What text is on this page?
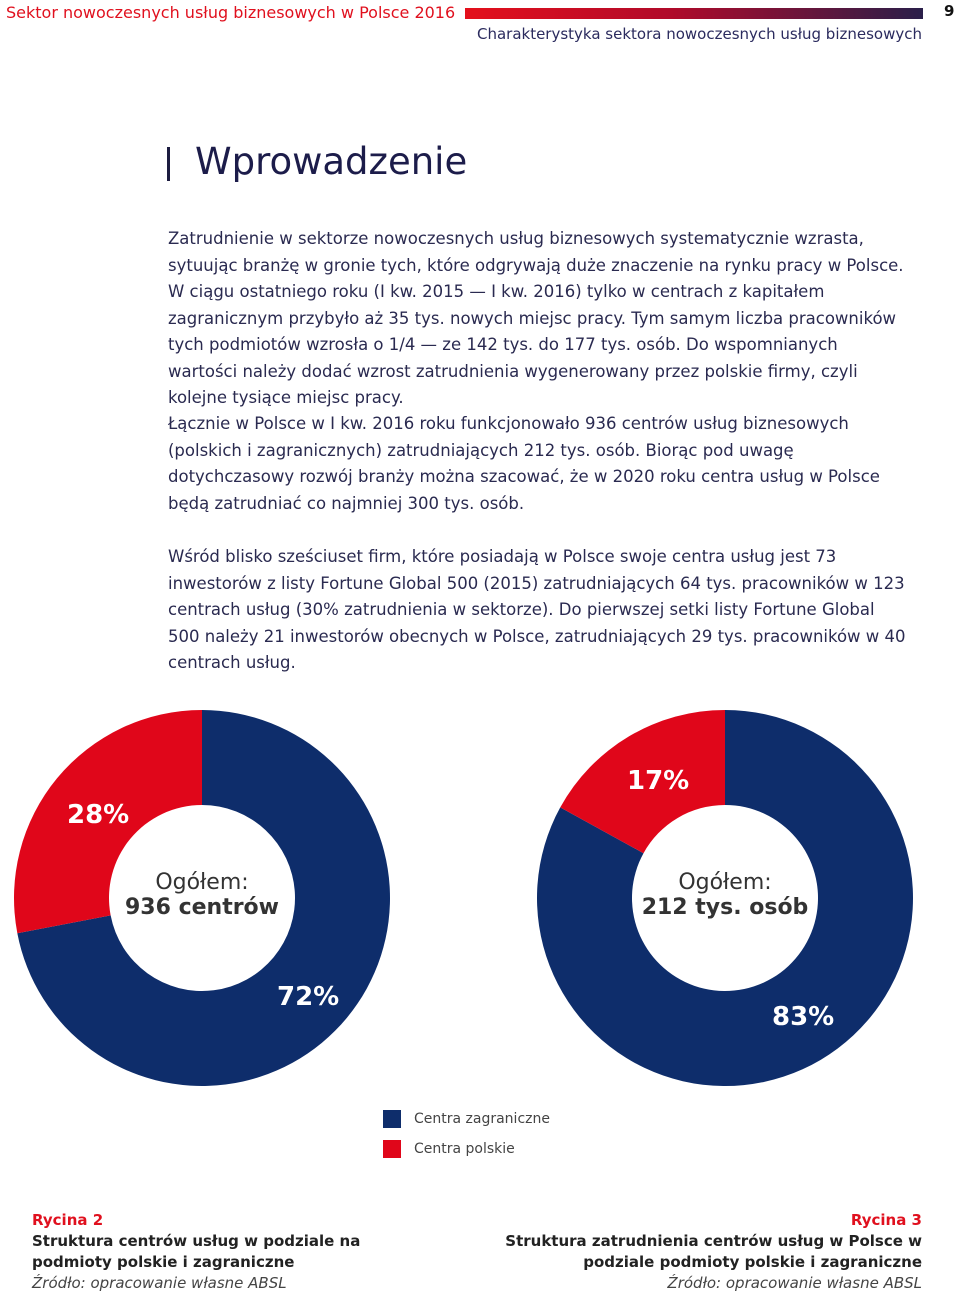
Sektor nowoczesnych usług biznesowych w Polsce 2016	9
Charakterystyka sektora nowoczesnych usług biznesowych
Wprowadzenie
Zatrudnienie w sektorze nowoczesnych usług biznesowych systematycznie wzrasta, sytuując branżę w gronie tych, które odgrywają duże znaczenie na rynku pracy w Polsce. W ciągu ostatniego roku (I kw. 2015 — I kw. 2016) tylko w centrach z kapitałem zagranicznym przybyło aż 35 tys. nowych miejsc pracy. Tym samym liczba pracowników tych podmiotów wzrosła o 1/4 — ze 142 tys. do 177 tys. osób. Do wspomnianych wartości należy dodać wzrost zatrudnienia wygenerowany przez polskie firmy, czyli kolejne tysiące miejsc pracy.
Łącznie w Polsce w I kw. 2016 roku funkcjonowało 936 centrów usług biznesowych (polskich i zagranicznych) zatrudniających 212 tys. osób. Biorąc pod uwagę dotychczasowy rozwój branży można szacować, że w 2020 roku centra usług w Polsce będą zatrudniać co najmniej 300 tys. osób.
Wśród blisko sześciuset firm, które posiadają w Polsce swoje centra usług jest 73 inwestorów z listy Fortune Global 500 (2015) zatrudniających 64 tys. pracowników w 123 centrach usług (30% zatrudnienia w sektorze). Do pierwszej setki listy Fortune Global 500 należy 21 inwestorów obecnych w Polsce, zatrudniających 29 tys. pracowników w 40 centrach usług.
Ogółem:
936 centrów
Ogółem:
212 tys. osób
28%
72%
17%
83%
Centra zagraniczne
Centra polskie
Rycina 2
Struktura centrów usług w podziale na podmioty polskie i zagraniczne
Źródło: opracowanie własne ABSL
Rycina 3
Struktura zatrudnienia centrów usług w Polsce w podziale podmioty polskie i zagraniczne
Źródło: opracowanie własne ABSL
